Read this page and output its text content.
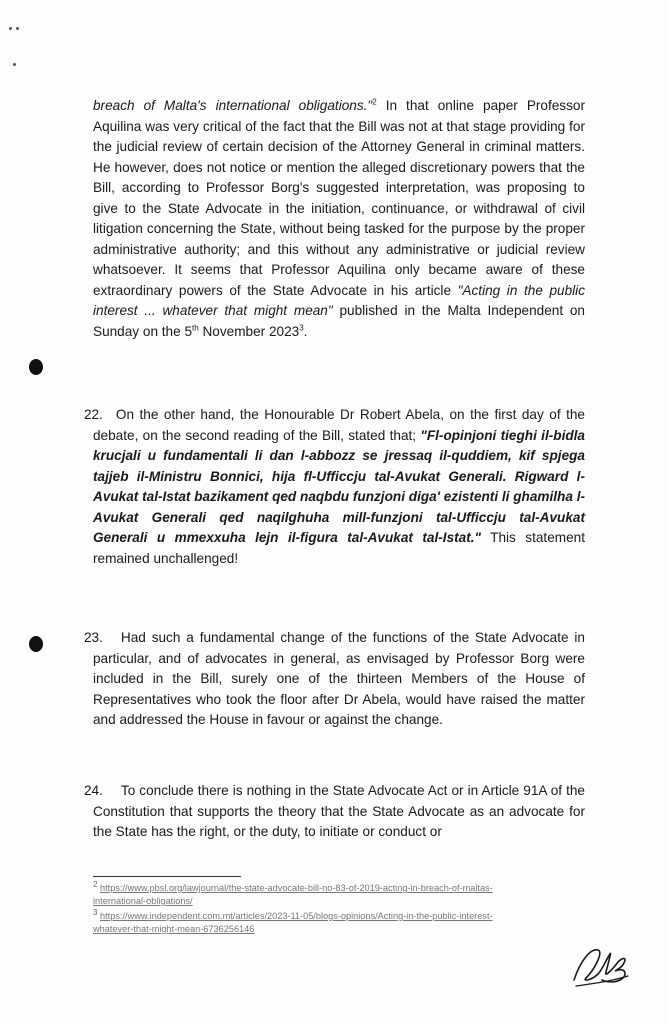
breach of Malta's international obligations."$^2$ In that online paper Professor Aquilina was very critical of the fact that the Bill was not at that stage providing for the judicial review of certain decision of the Attorney General in criminal matters. He however, does not notice or mention the alleged discretionary powers that the Bill, according to Professor Borg's suggested interpretation, was proposing to give to the State Advocate in the initiation, continuance, or withdrawal of civil litigation concerning the State, without being tasked for the purpose by the proper administrative authority; and this without any administrative or judicial review whatsoever. It seems that Professor Aquilina only became aware of these extraordinary powers of the State Advocate in his article "Acting in the public interest ... whatever that might mean" published in the Malta Independent on Sunday on the 5th November 2023$^3$.
22. On the other hand, the Honourable Dr Robert Abela, on the first day of the debate, on the second reading of the Bill, stated that; "Fl-opinjoni tieghi il-bidla krucjali u fundamentali li dan l-abbozz se jressaq il-quddiem, kif spjega tajjeb il-Ministru Bonnici, hija fl-Ufficcju tal-Avukat Generali. Rigward l-Avukat tal-Istat bazikament qed naqbdu funzjoni diga' ezistenti li ghamilha l-Avukat Generali qed naqilghuha mill-funzjoni tal-Ufficcju tal-Avukat Generali u mmexxuha lejn il-figura tal-Avukat tal-Istat." This statement remained unchallenged!
23. Had such a fundamental change of the functions of the State Advocate in particular, and of advocates in general, as envisaged by Professor Borg were included in the Bill, surely one of the thirteen Members of the House of Representatives who took the floor after Dr Abela, would have raised the matter and addressed the House in favour or against the change.
24. To conclude there is nothing in the State Advocate Act or in Article 91A of the Constitution that supports the theory that the State Advocate as an advocate for the State has the right, or the duty, to initiate or conduct or
$^2$ https://www.pbsl.org/lawjournal/the-state-advocate-bill-no-83-of-2019-acting-in-breach-of-maltas-
international-obligations/
$^3$ https://www.independent.com.mt/articles/2023-11-05/blogs-opinions/Acting-in-the-public-interest-
whatever-that-might-mean-6736256146
